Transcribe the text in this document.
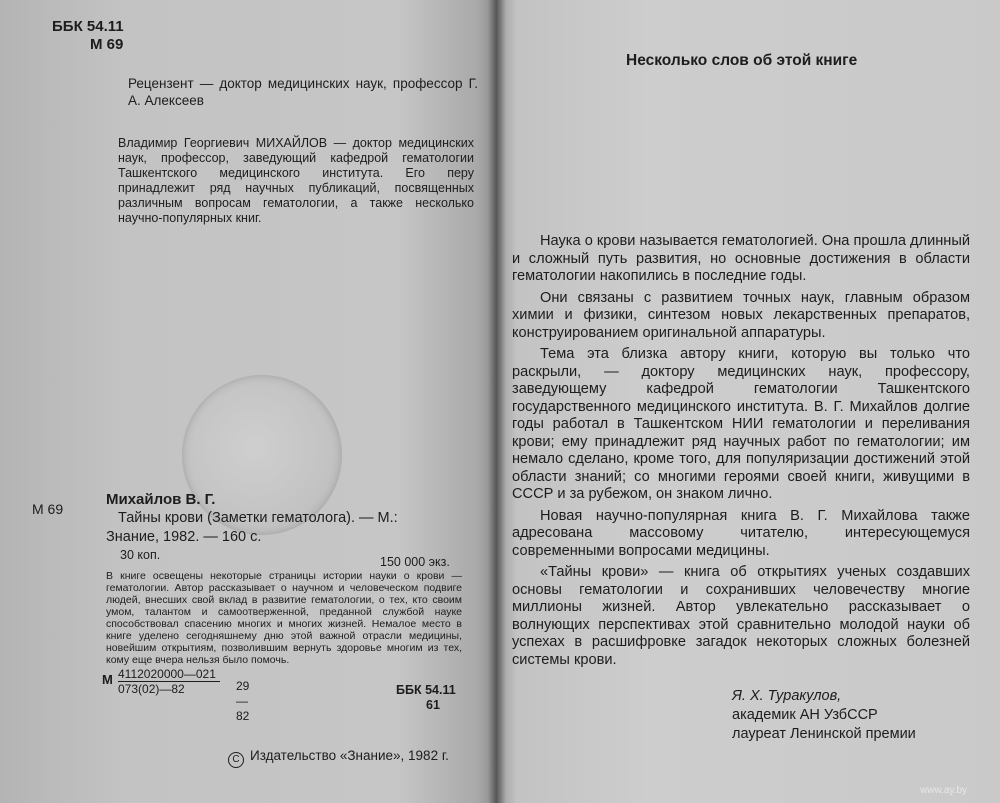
ББК 54.11
М 69

Рецензент — доктор медицинских наук, профессор Г. А. Алексеев

Владимир Георгиевич МИХАЙЛОВ — доктор медицинских наук, профессор, заведующий кафедрой гематологии Ташкентского медицинского института. Его перу принадлежит ряд научных публикаций, посвященных различным вопросам гематологии, а также несколько научно-популярных книг.

М 69
Михайлов В. Г.
Тайны крови (Заметки гематолога). — М.:
Знание, 1982. — 160 с.
30 коп.	150 000 экз.

В книге освещены некоторые страницы истории науки о крови — гематологии. Автор рассказывает о научном и человеческом подвиге людей, внесших свой вклад в развитие гематологии, о тех, кто своим умом, талантом и самоотверженной, преданной службой науке способствовал спасению многих и многих жизней. Немалое место в книге уделено сегодняшнему дню этой важной отрасли медицины, новейшим открытиям, позволившим вернуть здоровье многим из тех, кому еще вчера нельзя было помочь.

М 4112020000—021
073(02)—82	29—82
ББК 54.11
61
C Издательство «Знание», 1982 г.
Несколько слов об этой книге

Наука о крови называется гематологией. Она прошла длинный и сложный путь развития, но основные достижения в области гематологии накопились в последние годы.

Они связаны с развитием точных наук, главным образом химии и физики, синтезом новых лекарственных препаратов, конструированием оригинальной аппаратуры.

Тема эта близка автору книги, которую вы только что раскрыли, — доктору медицинских наук, профессору, заведующему кафедрой гематологии Ташкентского государственного медицинского института. В. Г. Михайлов долгие годы работал в Ташкентском НИИ гематологии и переливания крови; ему принадлежит ряд научных работ по гематологии; им немало сделано, кроме того, для популяризации достижений этой области знаний; со многими героями своей книги, живущими в СССР и за рубежом, он знаком лично.

Новая научно-популярная книга В. Г. Михайлова также адресована массовому читателю, интересующемуся современными вопросами медицины.

«Тайны крови» — книга об открытиях ученых создавших основы гематологии и сохранивших человечеству многие миллионы жизней. Автор увлекательно рассказывает о волнующих перспективах этой сравнительно молодой науки об успехах в расшифровке загадок некоторых сложных болезней системы крови.

Я. Х. Туракулов,
академик АН УзбССР
лауреат Ленинской премии
www.ay.by
